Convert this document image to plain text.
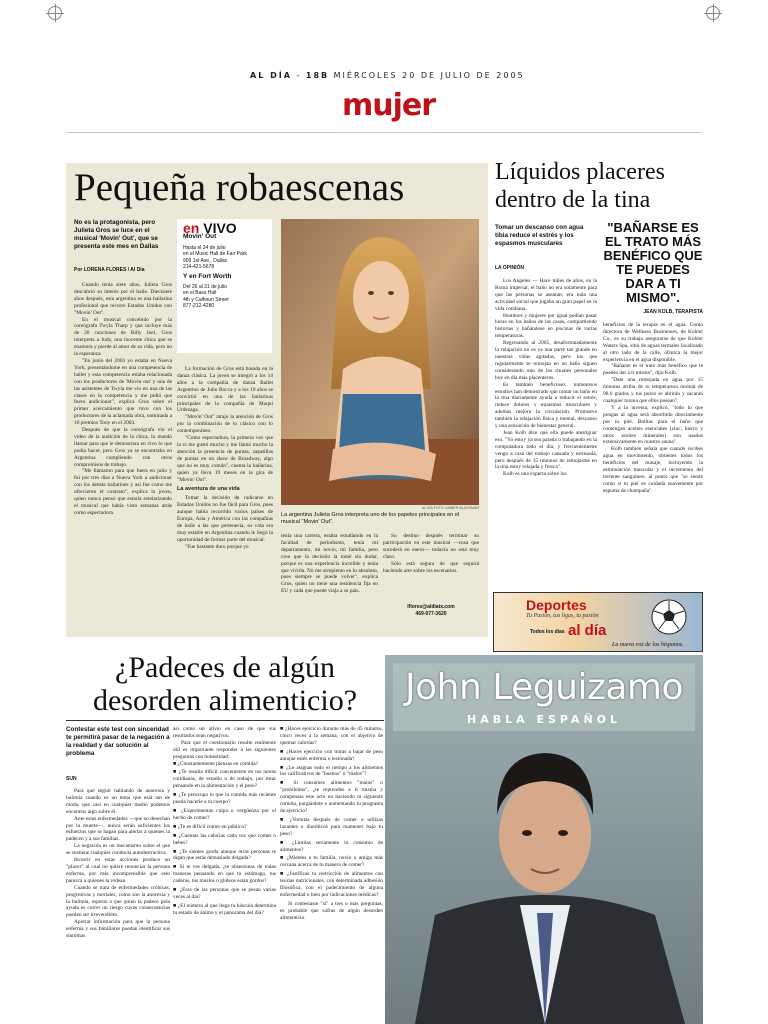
AL DÍA - 18B MIÉRCOLES 20 DE JULIO DE 2005
mujer
Pequeña robaescenas
No es la protagonista, pero Julieta Gros se luce en el musical 'Movin' Out', que se presenta este mes en Dallas
Por LORENA FLORES / Al Día

Cuando tenía siete años, Julieta Gros descubrió su interés por el baile. Diecisiete años después, esta argentina es una bailarina profesional que recorre Estados Unidos con "Movin' Out".

En el musical concebido por la coreógrafa Twyla Tharp y que incluye más de 20 canciones de Billy Joel, Gros interpreta a Judy, una inocente chica que se enamora y pierde al amor de su vida, pero no la esperanza.

"En junio del 2003 yo estaba en Nueva York, presentándome en una competencia de ballet y esta competencia estaba relacionada con los productores de 'Movin out' y una de las asistentes de Twyla me vio en una de las clases en la competencia y me pidió que fuera audicionar", explica Gros sobre el primer acercamiento que tuvo con los productores de la aclamada obra, nominada a 10 premios Tony en el 2003.

Después de que la coreógrafa vio el video de la audición de la chica, la mandó llamar para que le demostrara en vivo lo que podía hacer, pero Gros ya se encontraba en Argentina cumpliendo con otros compromisos de trabajo.

"Me llamaron para que fuera en julio y fui por tres días a Nueva York a audicionar con los demás bailarines y así fue como me ofrecieron el contrato", explica la joven, quien nunca pensó que estaría estelarizando el musical que había visto semanas atrás como espectadora.

en VIVO
Movin' Out
Hasta el 24 de julio
en el Music Hall de Fair Park
909 1st Ave., Dallas
214-421-5678
Y en Fort Worth
Del 26 al 31 de julio
en el Bass Hall
4th y Calhoun Street
877-212-4280

La formación de Gros está basada en la danza clásica. La joven se integró a los 14 años a la compañía de danza Ballet Argentino de Julio Bocca y a los 19 años se convirtió en una de las bailarinas principales de la compañía de Maquí Urdezaga.

"Movin' Out" atrajo la atención de Gros por la combinación de lo clásico con lo contemporáneo.

"Como espectadora, la primera vez que la vi me gustó mucho y me llamó mucho la atención la presencia de puntas, zapatillas de puntas en un show de Broadway, algo que no es muy común", cuenta la bailarina, quien ya lleva 19 meses en la gira de "Movin' Out".

La aventura de una vida

Tomar la decisión de radicarse en Estados Unidos no fue fácil para Gros, pues aunque había recorrido varios países de Europa, Asia y América con las compañías de baile a las que pertenecía, su vida era muy estable en Argentina cuando le llegó la oportunidad de formar parte del musical.

"Fue bastante duro porque yo

AL DÍA FOTO: AMBER BLACKMAN
La argentina Julieta Gros interpreta uno de los papeles principales en el musical "Movin' Out".

tenía una carrera, estaba estudiando en la facultad de periodismo, tenía mi departamento, mi novio, mi familia, pero creo que la decisión la tomé sin dudar, porque es una experiencia increíble y tenía que vivirla. No me arrepiento en lo absoluto, pues siempre se puede volver", explica Gros, quien no tiene una residencia fija en EU y cada que puede viaja a su país.

Su destino después terminar su participación en este musical —cosa que sucederá en enero— todavía no está muy claro.

Sólo está segura de que seguirá haciendo arte sobre los escenarios.

lflores@aldiatx.com
469-977-3620
Líquidos placeres dentro de la tina
Tomar un descanso con agua tibia reduce el estrés y los espasmos musculares
LA OPINIÓN

Los Angeles — Hace miles de años, en la Roma imperial, el baño no era solamente para que las personas se asearan; era toda una actividad social que jugaba un gran papel en la vida cotidiana.

Hombres y mujeres por igual podían pasar horas en los baños de las casas, compartiendo historias y bañándose en piscinas de varias temperaturas.

Regresando al 2005, desafortunadamente la relajación no es ya una parte tan grande en nuestras vidas agitadas, pero los que regularmente se remojan en un baño siguen considerando uno de los rituales personales hoy en día más placenteros.

Es también beneficioso: numerosos estudios han demostrado que tomar un baño en la tina diariamente ayuda a reducir el estrés, reduce dolores y espasmos musculares y además mejora la circulación. Promueve también la relajación física y mental, descanso y una sensación de bienestar general.

Jean Kolb dice que ella puede atestiguar eso. "Yo estoy ya sea parada o trabajando en la computadora todo el día, y frecuentemente vengo a casa del trabajo cansada y estresada, pero después de 15 minutos de remojarme en la tina estoy relajada y fresca".

Kolb es una experta sobre los

"BAÑARSE ES EL TRATO MÁS BENÉFICO QUE TE PUEDES DAR A TI MISMO".
JEAN KOLB, TERAPISTA

beneficios de la terapia en el agua. Como directora de Wellness Businesses, de Kohler Co., es su trabajo asegurarse de que Kohler Waters Spa, sitio de aguas termales localizado al otro lado de la calle, ofrezca la mejor experiencia en el agua disponible.

"Bañarse es el trato más benéfico que te puedes dar a ti mismo", dijo Kolb.

"Date una remojada en agua por 15 minutos arriba de tu temperatura normal de 98.6 grados y tus poros se abrirán y sacarán cualquier toxina que ellos posean".

Y a la inversa, explicó, "todo lo que pongas al agua será absorbido directamente por tu piel. Bolitas para el baño que contengan aceites esenciales (zinc, hierro y otros aceites minerales) son usados extensivamente en nuestro sauna".

Kolb también señala que cuando recibes agua en movimiento, obtienes todos los beneficios del masaje, incluyendo la estimulación muscular y el incremento del torrente sanguíneo, al punto que "se siente como si tu piel es cuidada suavemente por espuma de champaña".

Deportes
Tu Pasión, tus ligas, tu pasión
Todos los días al día
La nueva voz de los hispanos.
¿Padeces de algún desorden alimenticio?
Contestar este test con sinceridad te permitirá pasar de la negación a la realidad y dar solución al problema
SUN

Para qué seguir hablando de anorexia y bulimia cuando es un tema que está tan de moda, que casi en cualquier medio podemos encontrar algo sobre él.

Ante estas enfermedades —que no desechan por la muerte—, nunca serán suficientes los esfuerzos que se hagan para alertar a quienes la padecen y a sus familias.

La negación es un mecanismo sobre el que se sostiene cualquier conducta autodestructiva.

Incurrir en estas acciones produce un "placer" al cual no quiere renunciar la persona enferma, por más incomprensible que esto parezca a quienes la rodean.

Cuando se trata de enfermedades crónicas, progresivas y mortales, como son la anorexia y la bulimia, esperar a que quien la padece pida ayuda es correr un riesgo cuyas consecuencias pueden ser irreversibles.

Aportar información para que la persona enferma y sus familiares puedan identificar sus síntomas

así como un alivio en caso de que sus resultados sean negativos.

Para que el cuestionario resulte realmente útil es importante responder a las siguientes preguntas con honestidad:

■ ¿Constantemente piensas en comida?

■ ¿Te resulta difícil concentrarte en tus tareas cotidianas, de estudio o de trabajo, por estar pensando en la alimentación y el peso?

■ ¿Te preocupa lo que la comida más reciente pueda hacerle a tu cuerpo?

■ ¿Experimentas culpa o vergüenza por el hecho de comer?

■ ¿Te es difícil comer en público?

■ ¿Cuentas las calorías cada vez que comes o bebes?

■ ¿Te sientes gorda aunque otras personas te digan que estás demasiado delgada?

■ Si te ves delgada, ¿te obsesionas de todas maneras pensando en que tu estómago, tus caderas, tus muslos o glúteos están gordos?

■ ¿Eres de las personas que se pesan varias veces al día?

■ ¿El número al que llega tu báscula determina tu estado de ánimo y el panorama del día?

■ ¿Haces ejercicio durante más de 45 minutos, cinco veces a la semana, con el objetivo de quemar calorías?

■ ¿Haces ejercicio con miras a bajar de peso aunque estés enferma o lesionada?

■ ¿Le asignas todo el tiempo a los alimentos los calificativos de "buenos" o "malos"?

■ Si consumes alimentos "malos" o "prohibidos", ¿te reprendes a ti misma y compensas este acto no haciendo tu siguiente comida, purgándote o aumentando tu programa de ejercicio?

■ ¿Vomitas después de comer o utilizas laxantes o diuréticos para mantener bajo tu peso?

■ ¿Limitas seriamente tu consumo de alimentos?

■ ¿Mientes a tu familia, novio o amiga más cercana acerca de tu manera de comer?

■ ¿Justificas tu restricción de alimentos con teorías nutricionales, con determinada adhesión filosófica, con el padecimiento de alguna enfermedad o bien por indicaciones médicas?

Si contestaste "sí" a tres o más preguntas, es probable que sufras de algún desorden alimenticio.

John Leguizamo
HABLA ESPAÑOL
